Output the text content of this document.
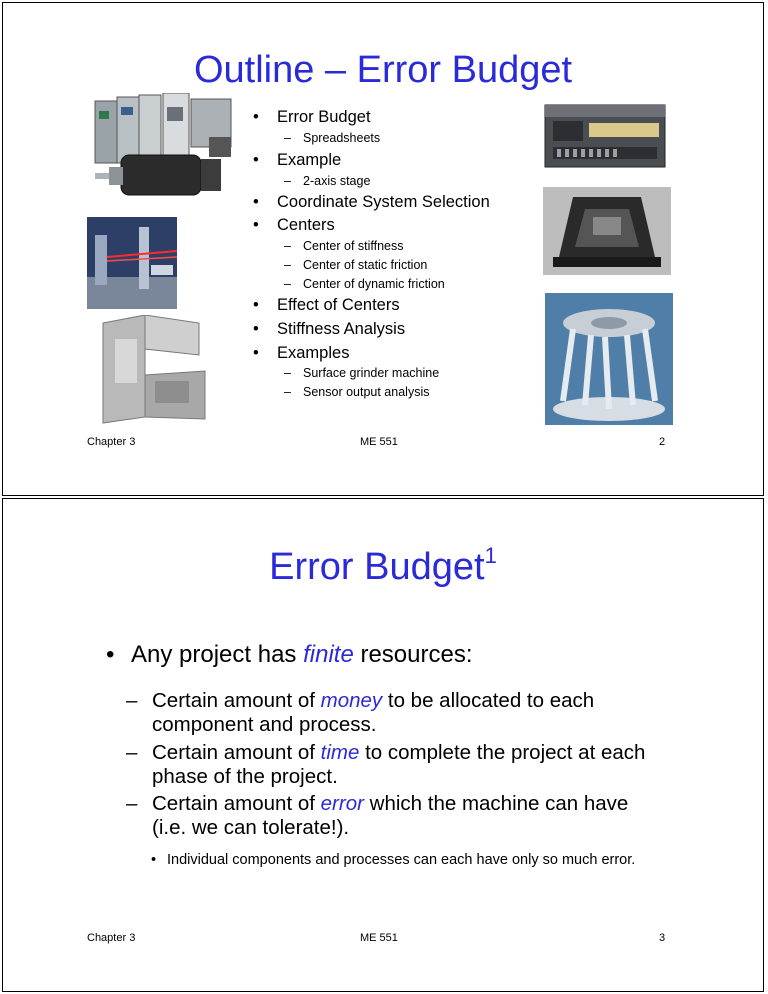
Outline – Error Budget
• Error Budget
– Spreadsheets
• Example
– 2-axis stage
• Coordinate System Selection
• Centers
– Center of stiffness
– Center of static friction
– Center of dynamic friction
• Effect of Centers
• Stiffness Analysis
• Examples
– Surface grinder machine
– Sensor output analysis
Chapter 3	ME 551	2
Error Budget$^1$
• Any project has finite resources:
– Certain amount of money to be allocated to each component and process.
– Certain amount of time to complete the project at each phase of the project.
– Certain amount of error which the machine can have (i.e. we can tolerate!).
• Individual components and processes can each have only so much error.
Chapter 3	ME 551	3
